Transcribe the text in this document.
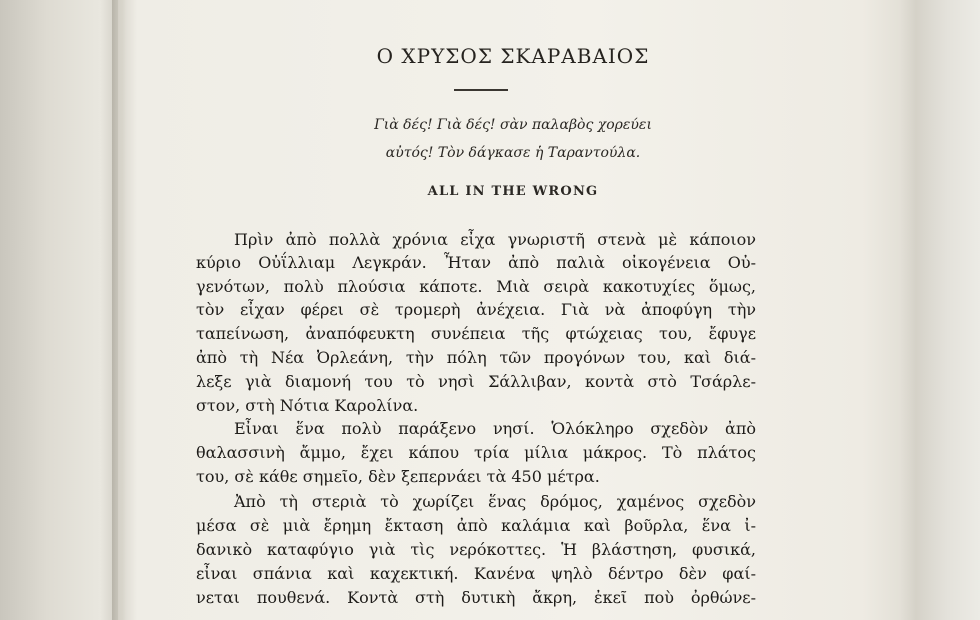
Ο ΧΡΥΣΟΣ ΣΚΑΡΑΒΑΙΟΣ
Γιὰ δές! Γιὰ δές! σὰν παλαβὸς χορεύει
αὐτός! Τὸν δάγκασε ἡ Ταραντούλα.
ALL IN THE WRONG
Πρὶν ἀπὸ πολλὰ χρόνια εἶχα γνωριστῆ στενὰ μὲ κάποιον
κύριο Οὐΐλλιαμ Λεγκράν. Ἦταν ἀπὸ παλιὰ οἰκογένεια Οὐ-
γενότων, πολὺ πλούσια κάποτε. Μιὰ σειρὰ κακοτυχίες ὅμως,
τὸν εἶχαν φέρει σὲ τρομερὴ ἀνέχεια. Γιὰ νὰ ἀποφύγη τὴν
ταπείνωση, ἀναπόφευκτη συνέπεια τῆς φτώχειας του, ἔφυγε
ἀπὸ τὴ Νέα Ὀρλεάνη, τὴν πόλη τῶν προγόνων του, καὶ διά-
λεξε γιὰ διαμονή του τὸ νησὶ Σάλλιβαν, κοντὰ στὸ Τσάρλε-
στον, στὴ Νότια Καρολίνα.
Εἶναι ἕνα πολὺ παράξενο νησί. Ὁλόκληρο σχεδὸν ἀπὸ
θαλασσινὴ ἄμμο, ἔχει κάπου τρία μίλια μάκρος. Τὸ πλάτος
του, σὲ κάθε σημεῖο, δὲν ξεπερνάει τὰ 450 μέτρα.
Ἀπὸ τὴ στεριὰ τὸ χωρίζει ἕνας δρόμος, χαμένος σχεδὸν
μέσα σὲ μιὰ ἔρημη ἔκταση ἀπὸ καλάμια καὶ βοῦρλα, ἕνα ἰ-
δανικὸ καταφύγιο γιὰ τὶς νερόκοττες. Ἡ βλάστηση, φυσικά,
εἶναι σπάνια καὶ καχεκτική. Κανένα ψηλὸ δέντρο δὲν φαί-
νεται πουθενά. Κοντὰ στὴ δυτικὴ ἄκρη, ἐκεῖ ποὺ ὀρθώνε-
